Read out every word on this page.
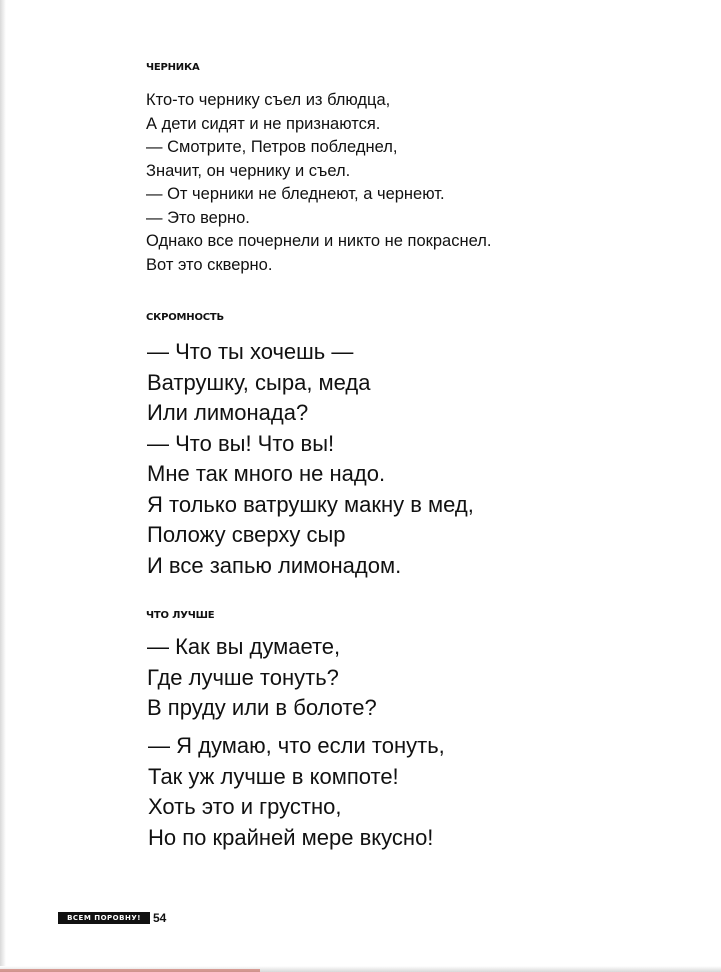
ЧЕРНИКА
Кто-то чернику съел из блюдца,
А дети сидят и не признаются.
— Смотрите, Петров побледнел,
Значит, он чернику и съел.
— От черники не бледнеют, а чернеют.
— Это верно.
Однако все почернели и никто не покраснел.
Вот это скверно.
СКРОМНОСТЬ
— Что ты хочешь —
Ватрушку, сыра, меда
Или лимонада?
— Что вы! Что вы!
Мне так много не надо.
Я только ватрушку макну в мед,
Положу сверху сыр
И все запью лимонадом.
ЧТО ЛУЧШЕ
— Как вы думаете,
Где лучше тонуть?
В пруду или в болоте?
— Я думаю, что если тонуть,
Так уж лучше в компоте!
Хоть это и грустно,
Но по крайней мере вкусно!
ВСЕМ ПОРОВНУ!	54
